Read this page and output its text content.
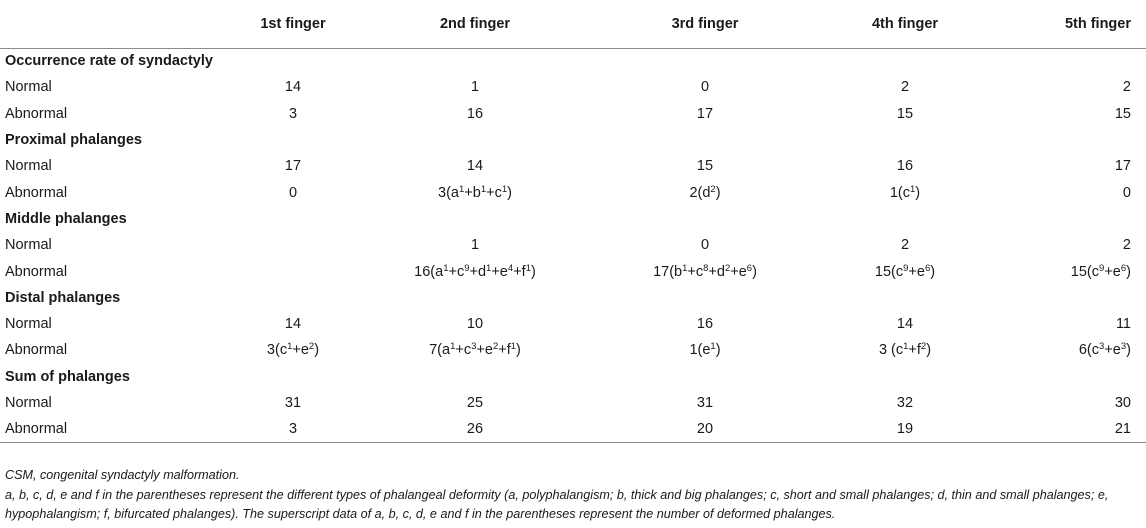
	1st finger	2nd finger	3rd finger	4th finger	5th finger
Occurrence rate of syndactyly					
Normal	14	1	0	2	2
Abnormal	3	16	17	15	15
Proximal phalanges					
Normal	17	14	15	16	17
Abnormal	0	$3(a^1+b^1+c^1)$	$2(d^2)$	$1(c^1)$	0
Middle phalanges					
Normal		1	0	2	2
Abnormal		$16(a^1+c^9+d^1+e^4+f^1)$	$17(b^1+c^8+d^2+e^6)$	$15(c^9+e^6)$	$15(c^9+e^6)$
Distal phalanges					
Normal	14	10	16	14	11
Abnormal	$3(c^1+e^2)$	$7(a^1+c^3+e^2+f^1)$	$1(e^1)$	3 $(c^1+f^2)$	$6(c^3+e^3)$
Sum of phalanges					
Normal	31	25	31	32	30
Abnormal	3	26	20	19	21

CSM, congenital syndactyly malformation.

a, b, c, d, e and f in the parentheses represent the different types of phalangeal deformity (a, polyphalangism; b, thick and big phalanges; c, short and small phalanges; d, thin and small phalanges; e, hypophalangism; f, bifurcated phalanges). The superscript data of a, b, c, d, e and f in the parentheses represent the number of deformed phalanges.
